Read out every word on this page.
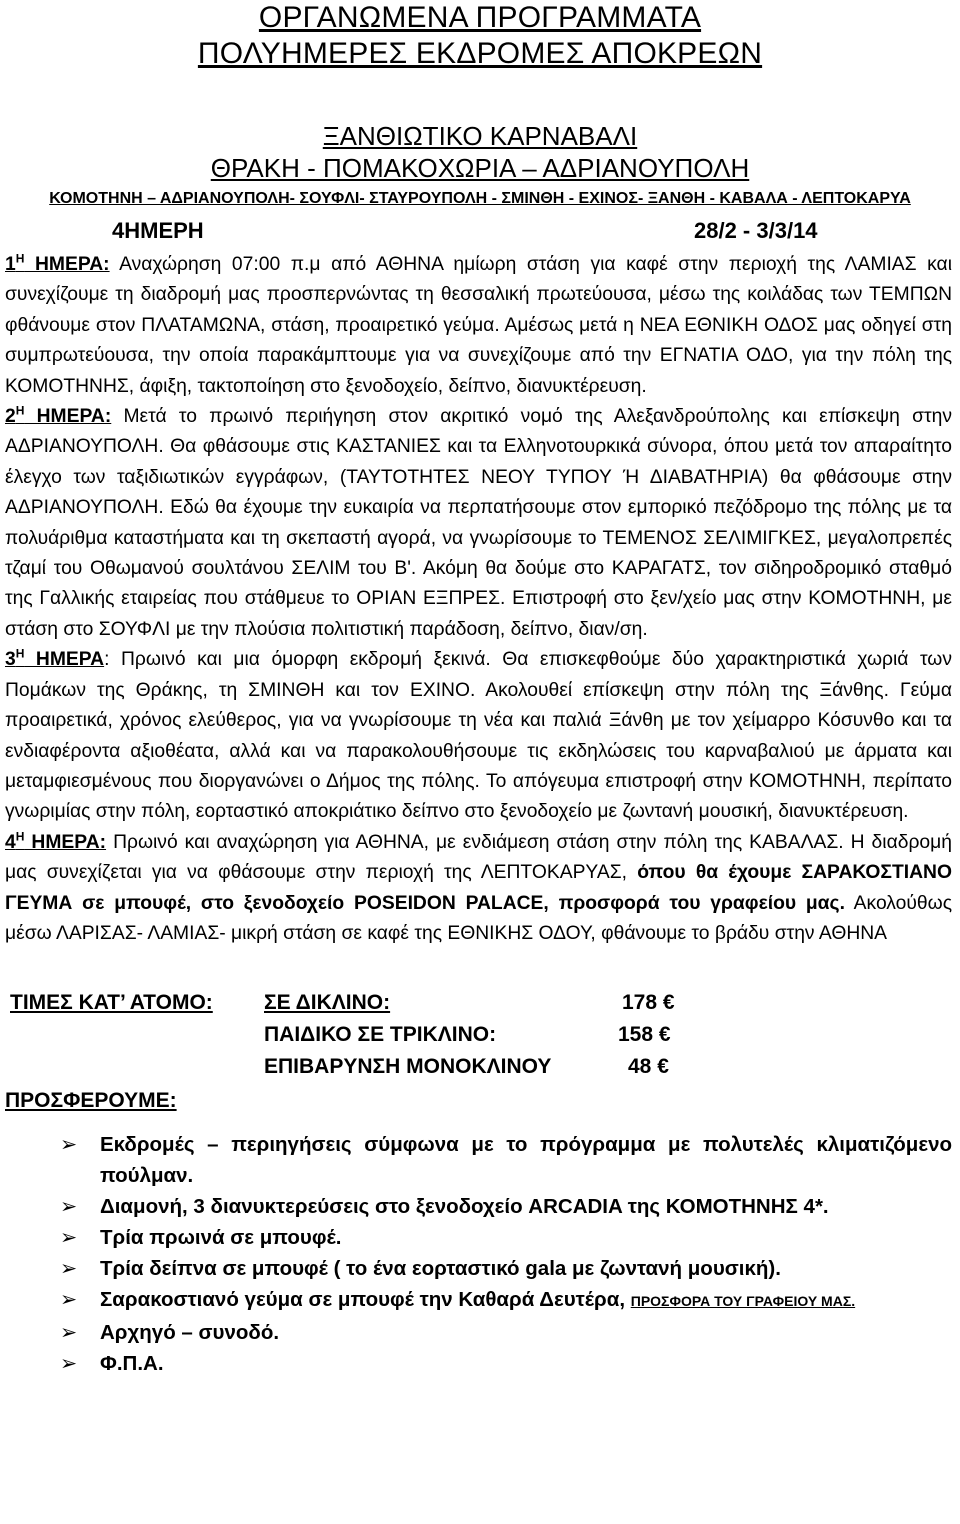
ΟΡΓΑΝΩΜΕΝΑ ΠΡΟΓΡΑΜΜΑΤΑ
ΠΟΛΥΗΜΕΡΕΣ ΕΚΔΡΟΜΕΣ ΑΠΟΚΡΕΩΝ
ΞΑΝΘΙΩΤΙΚΟ ΚΑΡΝΑΒΑΛΙ
ΘΡΑΚΗ - ΠΟΜΑΚΟΧΩΡΙΑ – ΑΔΡΙΑΝΟΥΠΟΛΗ
ΚΟΜΟΤΗΝΗ – ΑΔΡΙΑΝΟΥΠΟΛΗ- ΣΟΥΦΛΙ- ΣΤΑΥΡΟΥΠΟΛΗ - ΣΜΙΝΘΗ - ΕΧΙΝΟΣ- ΞΑΝΘΗ - ΚΑΒΑΛΑ - ΛΕΠΤΟΚΑΡΥΑ
4ΗΜΕΡΗ	28/2 - 3/3/14

$1^H$ ΗΜΕΡΑ: Αναχώρηση 07:00 π.μ από ΑΘΗΝΑ ημίωρη στάση για καφέ στην περιοχή της ΛΑΜΙΑΣ και συνεχίζουμε τη διαδρομή μας προσπερνώντας τη θεσσαλική πρωτεύουσα, μέσω της κοιλάδας των ΤΕΜΠΩΝ φθάνουμε στον ΠΛΑΤΑΜΩΝΑ, στάση, προαιρετικό γεύμα. Αμέσως μετά η ΝΕΑ ΕΘΝΙΚΗ ΟΔΟΣ μας οδηγεί στη συμπρωτεύουσα, την οποία παρακάμπτουμε για να συνεχίζουμε από την ΕΓΝΑΤΙΑ ΟΔΟ, για την πόλη της ΚΟΜΟΤΗΝΗΣ, άφιξη, τακτοποίηση στο ξενοδοχείο, δείπνο, διανυκτέρευση.

$2^H$ ΗΜΕΡΑ: Μετά το πρωινό περιήγηση στον ακριτικό νομό της Αλεξανδρούπολης και επίσκεψη στην ΑΔΡΙΑΝΟΥΠΟΛΗ. Θα φθάσουμε στις ΚΑΣΤΑΝΙΕΣ και τα Ελληνοτουρκικά σύνορα, όπου μετά τον απαραίτητο έλεγχο των ταξιδιωτικών εγγράφων, (ΤΑΥΤΟΤΗΤΕΣ ΝΕΟΥ ΤΥΠΟΥ Ή ΔΙΑΒΑΤΗΡΙΑ) θα φθάσουμε στην ΑΔΡΙΑΝΟΥΠΟΛΗ. Εδώ θα έχουμε την ευκαιρία να περπατήσουμε στον εμπορικό πεζόδρομο της πόλης με τα πολυάριθμα καταστήματα και τη σκεπαστή αγορά, να γνωρίσουμε το ΤΕΜΕΝΟΣ ΣΕΛΙΜΙΓΚΕΣ, μεγαλοπρεπές τζαμί του Οθωμανού σουλτάνου ΣΕΛΙΜ του Β'. Ακόμη θα δούμε στο ΚΑΡΑΓΑΤΣ, τον σιδηροδρομικό σταθμό της Γαλλικής εταιρείας που στάθμευε το ΟΡΙΑΝ ΕΞΠΡΕΣ. Επιστροφή στο ξεν/χείο μας στην ΚΟΜΟΤΗΝΗ, με στάση στο ΣΟΥΦΛΙ με την πλούσια πολιτιστική παράδοση, δείπνο, διαν/ση.

$3^H$ ΗΜΕΡΑ: Πρωινό και μια όμορφη εκδρομή ξεκινά. Θα επισκεφθούμε δύο χαρακτηριστικά χωριά των Πομάκων της Θράκης, τη ΣΜΙΝΘΗ και τον ΕΧΙΝΟ. Ακολουθεί επίσκεψη στην πόλη της Ξάνθης. Γεύμα προαιρετικά, χρόνος ελεύθερος, για να γνωρίσουμε τη νέα και παλιά Ξάνθη με τον χείμαρρο Κόσυνθο και τα ενδιαφέροντα αξιοθέατα, αλλά και να παρακολουθήσουμε τις εκδηλώσεις του καρναβαλιού με άρματα και μεταμφιεσμένους που διοργανώνει ο Δήμος της πόλης. Το απόγευμα επιστροφή στην ΚΟΜΟΤΗΝΗ, περίπατο γνωριμίας στην πόλη, εορταστικό αποκριάτικο δείπνο στο ξενοδοχείο με ζωντανή μουσική, διανυκτέρευση.

$4^H$ ΗΜΕΡΑ: Πρωινό και αναχώρηση για ΑΘΗΝΑ, με ενδιάμεση στάση στην πόλη της ΚΑΒΑΛΑΣ. Η διαδρομή μας συνεχίζεται για να φθάσουμε στην περιοχή της ΛΕΠΤΟΚΑΡΥΑΣ, όπου θα έχουμε ΣΑΡΑΚΟΣΤΙΑΝΟ ΓΕΥΜΑ σε μπουφέ, στο ξενοδοχείο POSEIDON PALACE, προσφορά του γραφείου μας. Ακολούθως μέσω ΛΑΡΙΣΑΣ- ΛΑΜΙΑΣ- μικρή στάση σε καφέ της ΕΘΝΙΚΗΣ ΟΔΟΥ, φθάνουμε το βράδυ στην ΑΘΗΝΑ

ΤΙΜΕΣ ΚΑΤ’ ΑΤΟΜΟ: ΣΕ ΔΙΚΛΙΝΟ:	178 €
ΠΑΙΔΙΚΟ ΣΕ ΤΡΙΚΛΙΝΟ:	158 €
ΕΠΙΒΑΡΥΝΣΗ ΜΟΝΟΚΛΙΝΟΥ	48 €
ΠΡΟΣΦΕΡΟΥΜΕ:
➢ Εκδρομές – περιηγήσεις σύμφωνα με το πρόγραμμα με πολυτελές κλιματιζόμενο πούλμαν.
➢ Διαμονή, 3 διανυκτερεύσεις στο ξενοδοχείο ARCADIA της ΚΟΜΟΤΗΝΗΣ 4*.
➢ Τρία πρωινά σε μπουφέ.
➢ Τρία δείπνα σε μπουφέ ( το ένα εορταστικό gala με ζωντανή μουσική).
➢ Σαρακοστιανό γεύμα σε μπουφέ την Καθαρά Δευτέρα, ΠΡΟΣΦΟΡΑ ΤΟΥ ΓΡΑΦΕΙΟΥ ΜΑΣ.
➢ Αρχηγό – συνοδό.
➢ Φ.Π.Α.
